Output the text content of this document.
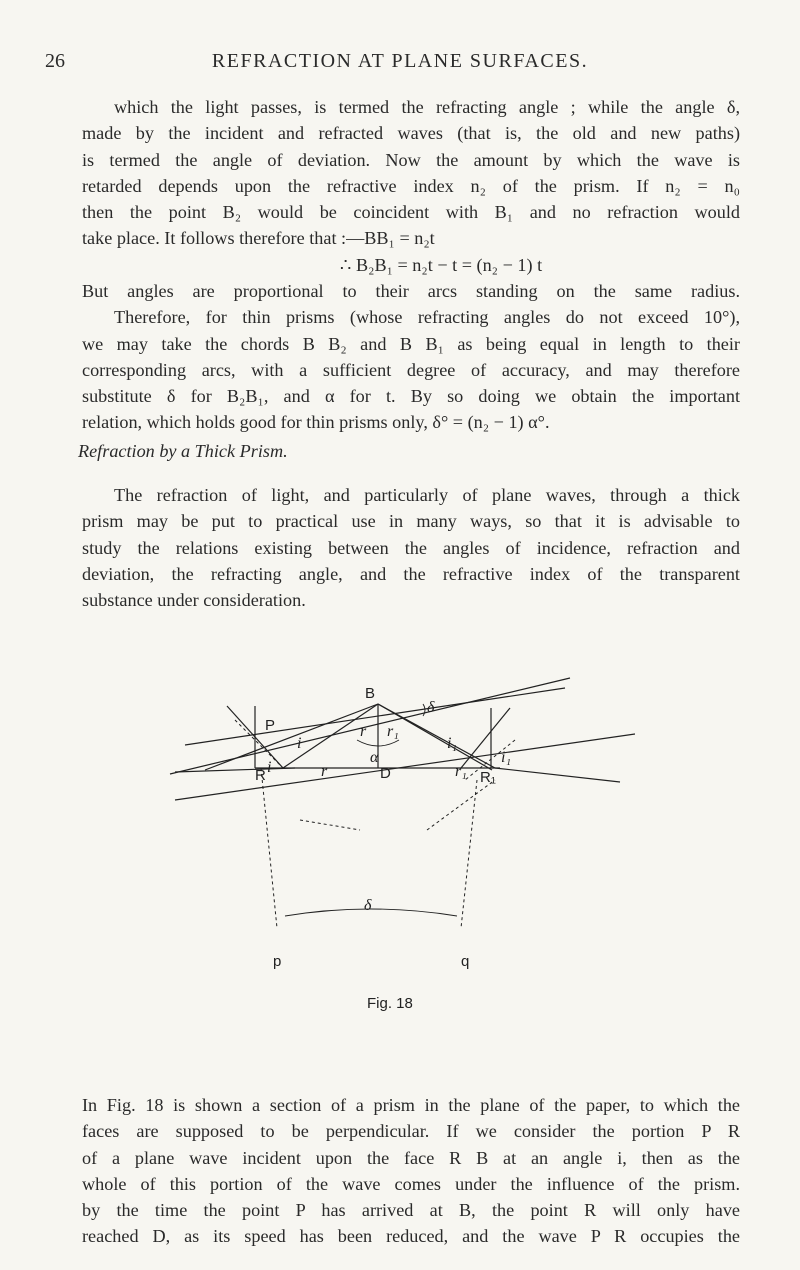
26	REFRACTION AT PLANE SURFACES.
which the light passes, is termed the refracting angle ; while the angle δ,
made by the incident and refracted waves (that is, the old and new paths)
is termed the angle of deviation. Now the amount by which the wave is
retarded depends upon the refractive index n₂ of the prism. If n₂ = n₀
then the point B₂ would be coincident with B₁ and no refraction would
take place. It follows therefore that :—BB₁ = n₂t
∴ B₂B₁ = n₂t − t = (n₂ − 1) t
But angles are proportional to their arcs standing on the same radius.
Therefore, for thin prisms (whose refracting angles do not exceed 10°),
we may take the chords B B₂ and B B₁ as being equal in length to their
corresponding arcs, with a sufficient degree of accuracy, and may therefore
substitute δ for B₂B₁, and α for t. By so doing we obtain the important
relation, which holds good for thin prisms only, δ° = (n₂ − 1) α°.
Refraction by a Thick Prism.
The refraction of light, and particularly of plane waves, through a thick
prism may be put to practical use in many ways, so that it is advisable to
study the relations existing between the angles of incidence, refraction and
deviation, the refracting angle, and the refractive index of the transparent
substance under consideration.
B
P
R	D	R₁
α
δ
δ
r r₁
r	r₁
i	i₁
i
i₁
p	q
Fig. 18
In Fig. 18 is shown a section of a prism in the plane of the paper, to which the
faces are supposed to be perpendicular. If we consider the portion P R
of a plane wave incident upon the face R B at an angle i, then as the
whole of this portion of the wave comes under the influence of the prism.
by the time the point P has arrived at B, the point R will only have
reached D, as its speed has been reduced, and the wave P R occupies the
